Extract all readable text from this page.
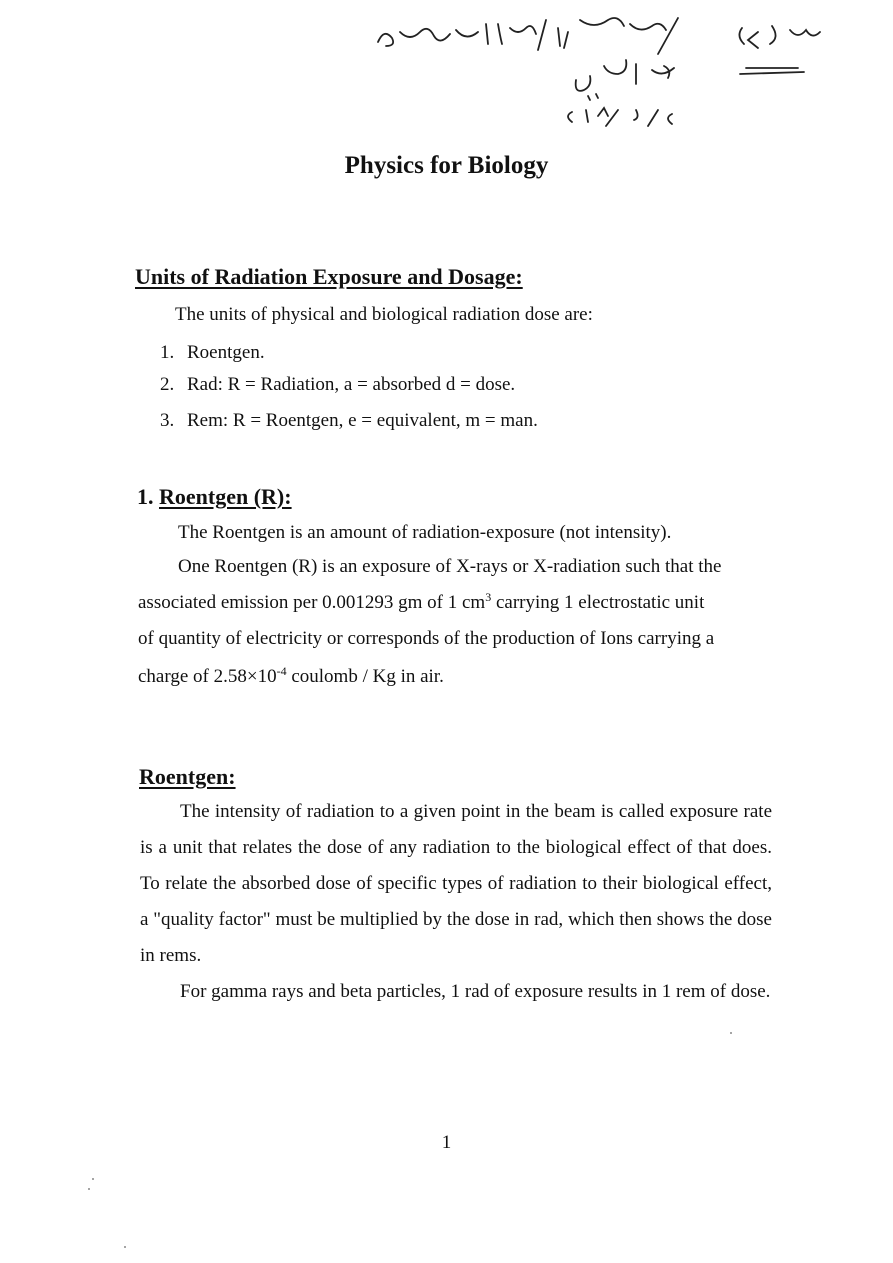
Physics for Biology
Units of Radiation Exposure and Dosage:
The units of physical and biological radiation dose are:
1. Roentgen.
2. Rad: R = Radiation, a = absorbed d = dose.
3. Rem: R = Roentgen, e = equivalent, m = man.
1. Roentgen (R):
The Roentgen is an amount of radiation-exposure (not intensity).
One Roentgen (R) is an exposure of X-rays or X-radiation such that the
associated emission per 0.001293 gm of 1 $cm^3$ carrying 1 electrostatic unit
of quantity of electricity or corresponds of the production of Ions carrying a
charge of $2.58\times 10^{-4}$ coulomb / Kg in air.
Roentgen:
The intensity of radiation to a given point in the beam is called exposure rate is a unit that relates the dose of any radiation to the biological effect of that does. To relate the absorbed dose of specific types of radiation to their biological effect, a "quality factor" must be multiplied by the dose in rad, which then shows the dose in rems.
For gamma rays and beta particles, 1 rad of exposure results in 1 rem of dose.
1
